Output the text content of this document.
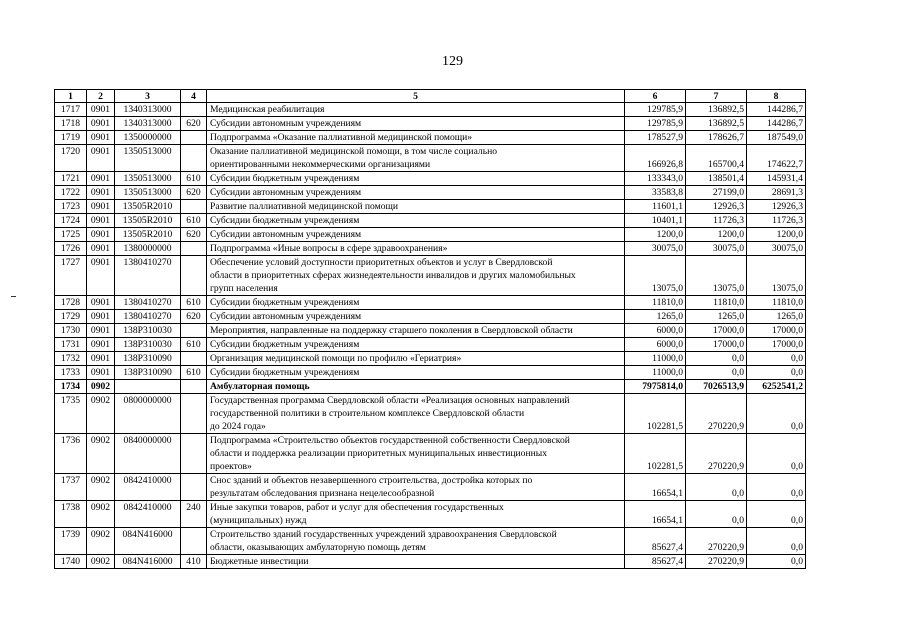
129
1	2	3	4	5	6	7	8
1717	0901	1340313000		Медицинская реабилитация	129785,9	136892,5	144286,7
1718	0901	1340313000	620	Субсидии автономным учреждениям	129785,9	136892,5	144286,7
1719	0901	1350000000		Подпрограмма «Оказание паллиативной медицинской помощи»	178527,9	178626,7	187549,0
1720	0901	1350513000		Оказание паллиативной медицинской помощи, в том числе социально
ориентированными некоммерческими организациями	166926,8	165700,4	174622,7
1721	0901	1350513000	610	Субсидии бюджетным учреждениям	133343,0	138501,4	145931,4
1722	0901	1350513000	620	Субсидии автономным учреждениям	33583,8	27199,0	28691,3
1723	0901	13505R2010		Развитие паллиативной медицинской помощи	11601,1	12926,3	12926,3
1724	0901	13505R2010	610	Субсидии бюджетным учреждениям	10401,1	11726,3	11726,3
1725	0901	13505R2010	620	Субсидии автономным учреждениям	1200,0	1200,0	1200,0
1726	0901	1380000000		Подпрограмма «Иные вопросы в сфере здравоохранения»	30075,0	30075,0	30075,0
1727	0901	1380410270		Обеспечение условий доступности приоритетных объектов и услуг в Свердловской
области в приоритетных сферах жизнедеятельности инвалидов и других маломобильных
групп населения	13075,0	13075,0	13075,0
1728	0901	1380410270	610	Субсидии бюджетным учреждениям	11810,0	11810,0	11810,0
1729	0901	1380410270	620	Субсидии автономным учреждениям	1265,0	1265,0	1265,0
1730	0901	138P310030		Мероприятия, направленные на поддержку старшего поколения в Свердловской области	6000,0	17000,0	17000,0
1731	0901	138P310030	610	Субсидии бюджетным учреждениям	6000,0	17000,0	17000,0
1732	0901	138P310090		Организация медицинской помощи по профилю «Гериатрия»	11000,0	0,0	0,0
1733	0901	138P310090	610	Субсидии бюджетным учреждениям	11000,0	0,0	0,0
1734	0902			Амбулаторная помощь	7975814,0	7026513,9	6252541,2
1735	0902	0800000000		Государственная программа Свердловской области «Реализация основных направлений
государственной политики в строительном комплексе Свердловской области
до 2024 года»	102281,5	270220,9	0,0
1736	0902	0840000000		Подпрограмма «Строительство объектов государственной собственности Свердловской
области и поддержка реализации приоритетных муниципальных инвестиционных
проектов»	102281,5	270220,9	0,0
1737	0902	0842410000		Снос зданий и объектов незавершенного строительства, достройка которых по
результатам обследования признана нецелесообразной	16654,1	0,0	0,0
1738	0902	0842410000	240	Иные закупки товаров, работ и услуг для обеспечения государственных
(муниципальных) нужд	16654,1	0,0	0,0
1739	0902	084N416000		Строительство зданий государственных учреждений здравоохранения Свердловской
области, оказывающих амбулаторную помощь детям	85627,4	270220,9	0,0
1740	0902	084N416000	410	Бюджетные инвестиции	85627,4	270220,9	0,0
